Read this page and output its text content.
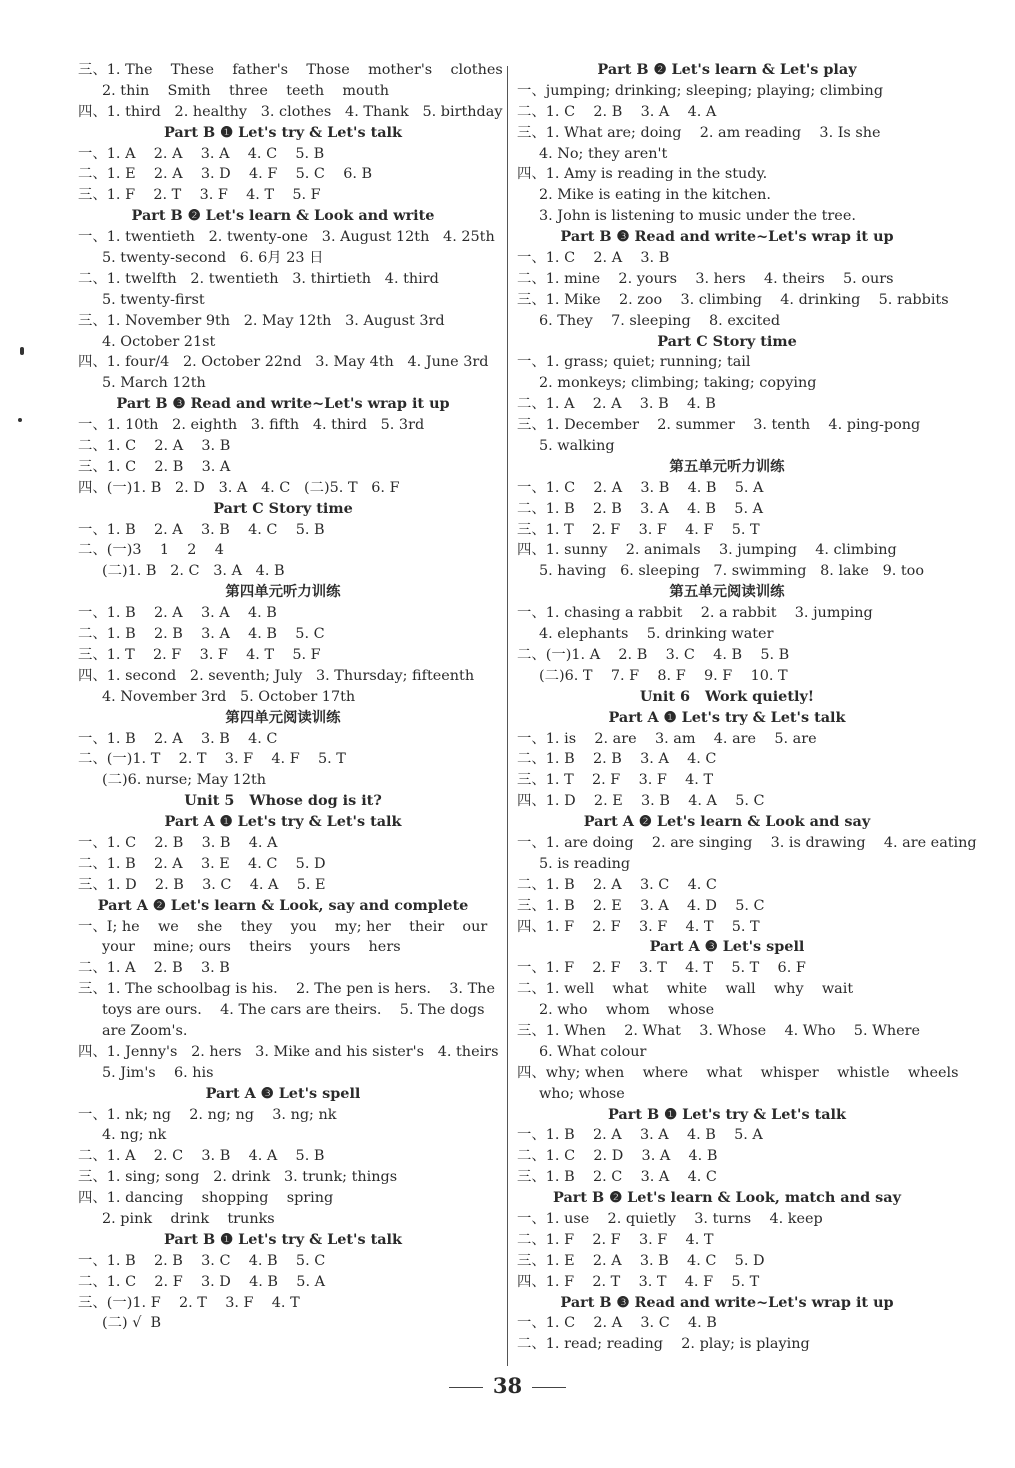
三、1. The    These    father's    Those    mother's    clothes
2. thin    Smith    three    teeth    mouth
四、1. third   2. healthy   3. clothes   4. Thank   5. birthday
Part B ❶ Let's try & Let's talk
一、1. A    2. A    3. A    4. C    5. B
二、1. E    2. A    3. D    4. F    5. C    6. B
三、1. F    2. T    3. F    4. T    5. F
Part B ❷ Let's learn & Look and write
一、1. twentieth   2. twenty-one   3. August 12th   4. 25th
5. twenty-second   6. 6月 23 日
二、1. twelfth   2. twentieth   3. thirtieth   4. third
5. twenty-first
三、1. November 9th   2. May 12th   3. August 3rd
4. October 21st
四、1. four/4   2. October 22nd   3. May 4th   4. June 3rd
5. March 12th
Part B ❸ Read and write~Let's wrap it up
一、1. 10th   2. eighth   3. fifth   4. third   5. 3rd
二、1. C    2. A    3. B
三、1. C    2. B    3. A
四、(一)1. B   2. D   3. A   4. C   (二)5. T   6. F
Part C Story time
一、1. B    2. A    3. B    4. C    5. B
二、(一)3    1    2    4
(二)1. B   2. C   3. A   4. B
第四单元听力训练
一、1. B    2. A    3. A    4. B
二、1. B    2. B    3. A    4. B    5. C
三、1. T    2. F    3. F    4. T    5. F
四、1. second   2. seventh; July   3. Thursday; fifteenth
4. November 3rd   5. October 17th
第四单元阅读训练
一、1. B    2. A    3. B    4. C
二、(一)1. T    2. T    3. F    4. F    5. T
(二)6. nurse; May 12th
Unit 5   Whose dog is it?
Part A ❶ Let's try & Let's talk
一、1. C    2. B    3. B    4. A
二、1. B    2. A    3. E    4. C    5. D
三、1. D    2. B    3. C    4. A    5. E
Part A ❷ Let's learn & Look, say and complete
一、I; he    we    she    they    you    my; her    their    our
your    mine; ours    theirs    yours    hers
二、1. A    2. B    3. B
三、1. The schoolbag is his.    2. The pen is hers.    3. The
toys are ours.    4. The cars are theirs.    5. The dogs
are Zoom's.
四、1. Jenny's   2. hers   3. Mike and his sister's   4. theirs
5. Jim's    6. his
Part A ❸ Let's spell
一、1. nk; ng    2. ng; ng    3. ng; nk
4. ng; nk
二、1. A    2. C    3. B    4. A    5. B
三、1. sing; song   2. drink   3. trunk; things
四、1. dancing    shopping    spring
2. pink    drink    trunks
Part B ❶ Let's try & Let's talk
一、1. B    2. B    3. C    4. B    5. C
二、1. C    2. F    3. D    4. B    5. A
三、(一)1. F    2. T    3. F    4. T
(二) √  B
Part B ❷ Let's learn & Let's play
一、jumping; drinking; sleeping; playing; climbing
二、1. C    2. B    3. A    4. A
三、1. What are; doing    2. am reading    3. Is she
4. No; they aren't
四、1. Amy is reading in the study.
2. Mike is eating in the kitchen.
3. John is listening to music under the tree.
Part B ❸ Read and write~Let's wrap it up
一、1. C    2. A    3. B
二、1. mine    2. yours    3. hers    4. theirs    5. ours
三、1. Mike    2. zoo    3. climbing    4. drinking    5. rabbits
6. They    7. sleeping    8. excited
Part C Story time
一、1. grass; quiet; running; tail
2. monkeys; climbing; taking; copying
二、1. A    2. A    3. B    4. B
三、1. December    2. summer    3. tenth    4. ping-pong
5. walking
第五单元听力训练
一、1. C    2. A    3. B    4. B    5. A
二、1. B    2. B    3. A    4. B    5. A
三、1. T    2. F    3. F    4. F    5. T
四、1. sunny    2. animals    3. jumping    4. climbing
5. having   6. sleeping   7. swimming   8. lake   9. too
第五单元阅读训练
一、1. chasing a rabbit    2. a rabbit    3. jumping
4. elephants    5. drinking water
二、(一)1. A    2. B    3. C    4. B    5. B
(二)6. T    7. F    8. F    9. F    10. T
Unit 6   Work quietly!
Part A ❶ Let's try & Let's talk
一、1. is    2. are    3. am    4. are    5. are
二、1. B    2. B    3. A    4. C
三、1. T    2. F    3. F    4. T
四、1. D    2. E    3. B    4. A    5. C
Part A ❷ Let's learn & Look and say
一、1. are doing    2. are singing    3. is drawing    4. are eating
5. is reading
二、1. B    2. A    3. C    4. C
三、1. B    2. E    3. A    4. D    5. C
四、1. F    2. F    3. F    4. T    5. T
Part A ❸ Let's spell
一、1. F    2. F    3. T    4. T    5. T    6. F
二、1. well    what    white    wall    why    wait
2. who    whom    whose
三、1. When    2. What    3. Whose    4. Who    5. Where
6. What colour
四、why; when    where    what    whisper    whistle    wheels
who; whose
Part B ❶ Let's try & Let's talk
一、1. B    2. A    3. A    4. B    5. A
二、1. C    2. D    3. A    4. B
三、1. B    2. C    3. A    4. C
Part B ❷ Let's learn & Look, match and say
一、1. use    2. quietly    3. turns    4. keep
二、1. F    2. F    3. F    4. T
三、1. E    2. A    3. B    4. C    5. D
四、1. F    2. T    3. T    4. F    5. T
Part B ❸ Read and write~Let's wrap it up
一、1. C    2. A    3. C    4. B
二、1. read; reading    2. play; is playing
38
